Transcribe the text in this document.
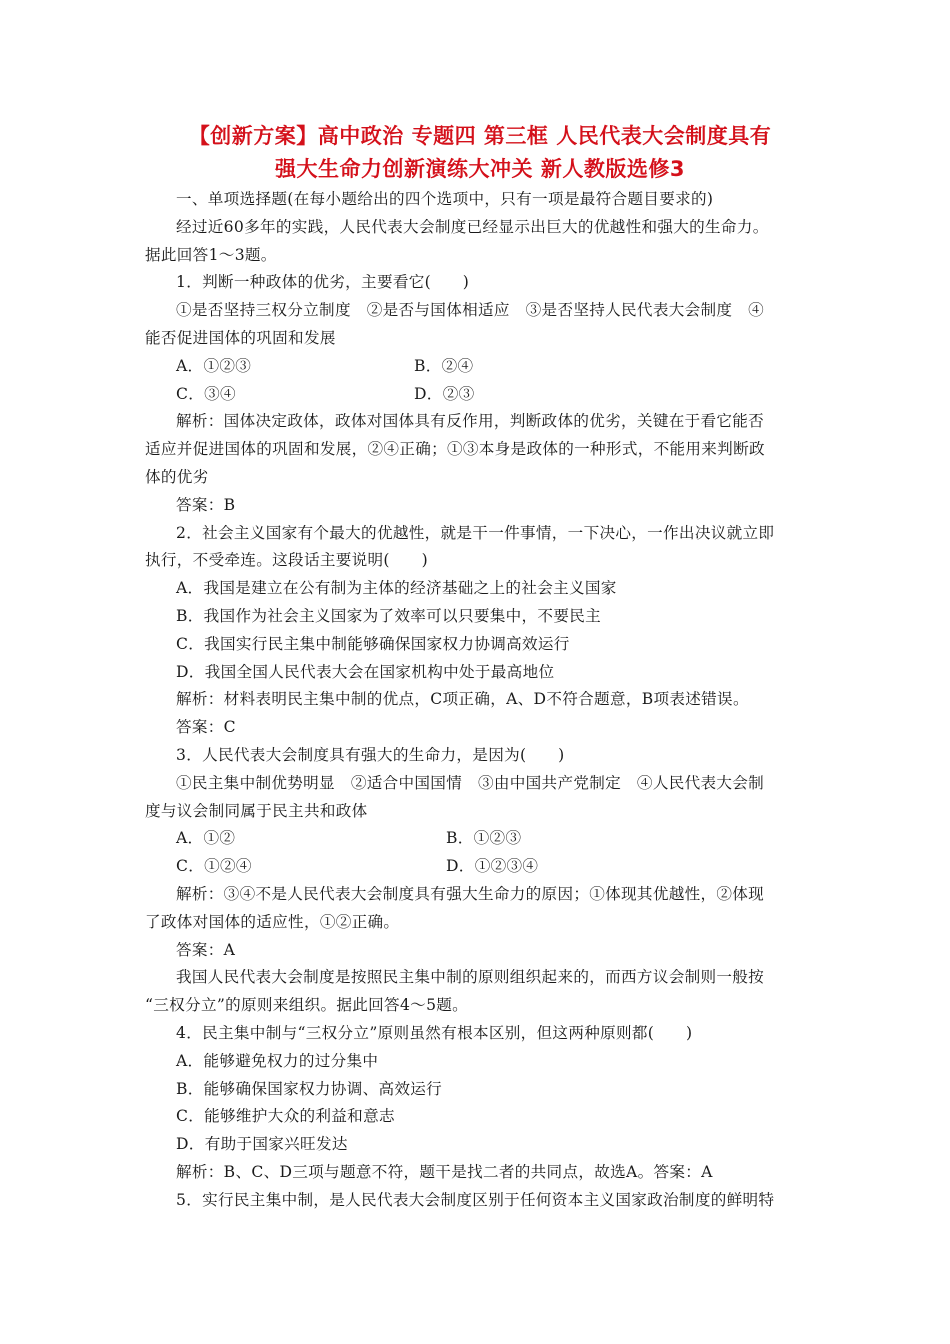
【创新方案】高中政治 专题四 第三框 人民代表大会制度具有
强大生命力创新演练大冲关 新人教版选修3
一、单项选择题(在每小题给出的四个选项中，只有一项是最符合题目要求的)
经过近60多年的实践，人民代表大会制度已经显示出巨大的优越性和强大的生命力。
据此回答1～3题。
1．判断一种政体的优劣，主要看它(　　)
①是否坚持三权分立制度　②是否与国体相适应　③是否坚持人民代表大会制度　④
能否促进国体的巩固和发展
A．①②③	B．②④
C．③④	D．②③
解析：国体决定政体，政体对国体具有反作用，判断政体的优劣，关键在于看它能否
适应并促进国体的巩固和发展，②④正确；①③本身是政体的一种形式，不能用来判断政
体的优劣
答案：B
2．社会主义国家有个最大的优越性，就是干一件事情，一下决心，一作出决议就立即
执行，不受牵连。这段话主要说明(　　)
A．我国是建立在公有制为主体的经济基础之上的社会主义国家
B．我国作为社会主义国家为了效率可以只要集中，不要民主
C．我国实行民主集中制能够确保国家权力协调高效运行
D．我国全国人民代表大会在国家机构中处于最高地位
解析：材料表明民主集中制的优点，C项正确，A、D不符合题意，B项表述错误。
答案：C
3．人民代表大会制度具有强大的生命力，是因为(　　)
①民主集中制优势明显　②适合中国国情　③由中国共产党制定　④人民代表大会制
度与议会制同属于民主共和政体
A．①②	B．①②③
C．①②④	D．①②③④
解析：③④不是人民代表大会制度具有强大生命力的原因；①体现其优越性，②体现
了政体对国体的适应性，①②正确。
答案：A
我国人民代表大会制度是按照民主集中制的原则组织起来的，而西方议会制则一般按
“三权分立”的原则来组织。据此回答4～5题。
4．民主集中制与“三权分立”原则虽然有根本区别，但这两种原则都(　　)
A．能够避免权力的过分集中
B．能够确保国家权力协调、高效运行
C．能够维护大众的利益和意志
D．有助于国家兴旺发达
解析：B、C、D三项与题意不符，题干是找二者的共同点，故选A。答案：A
5．实行民主集中制，是人民代表大会制度区别于任何资本主义国家政治制度的鲜明特
